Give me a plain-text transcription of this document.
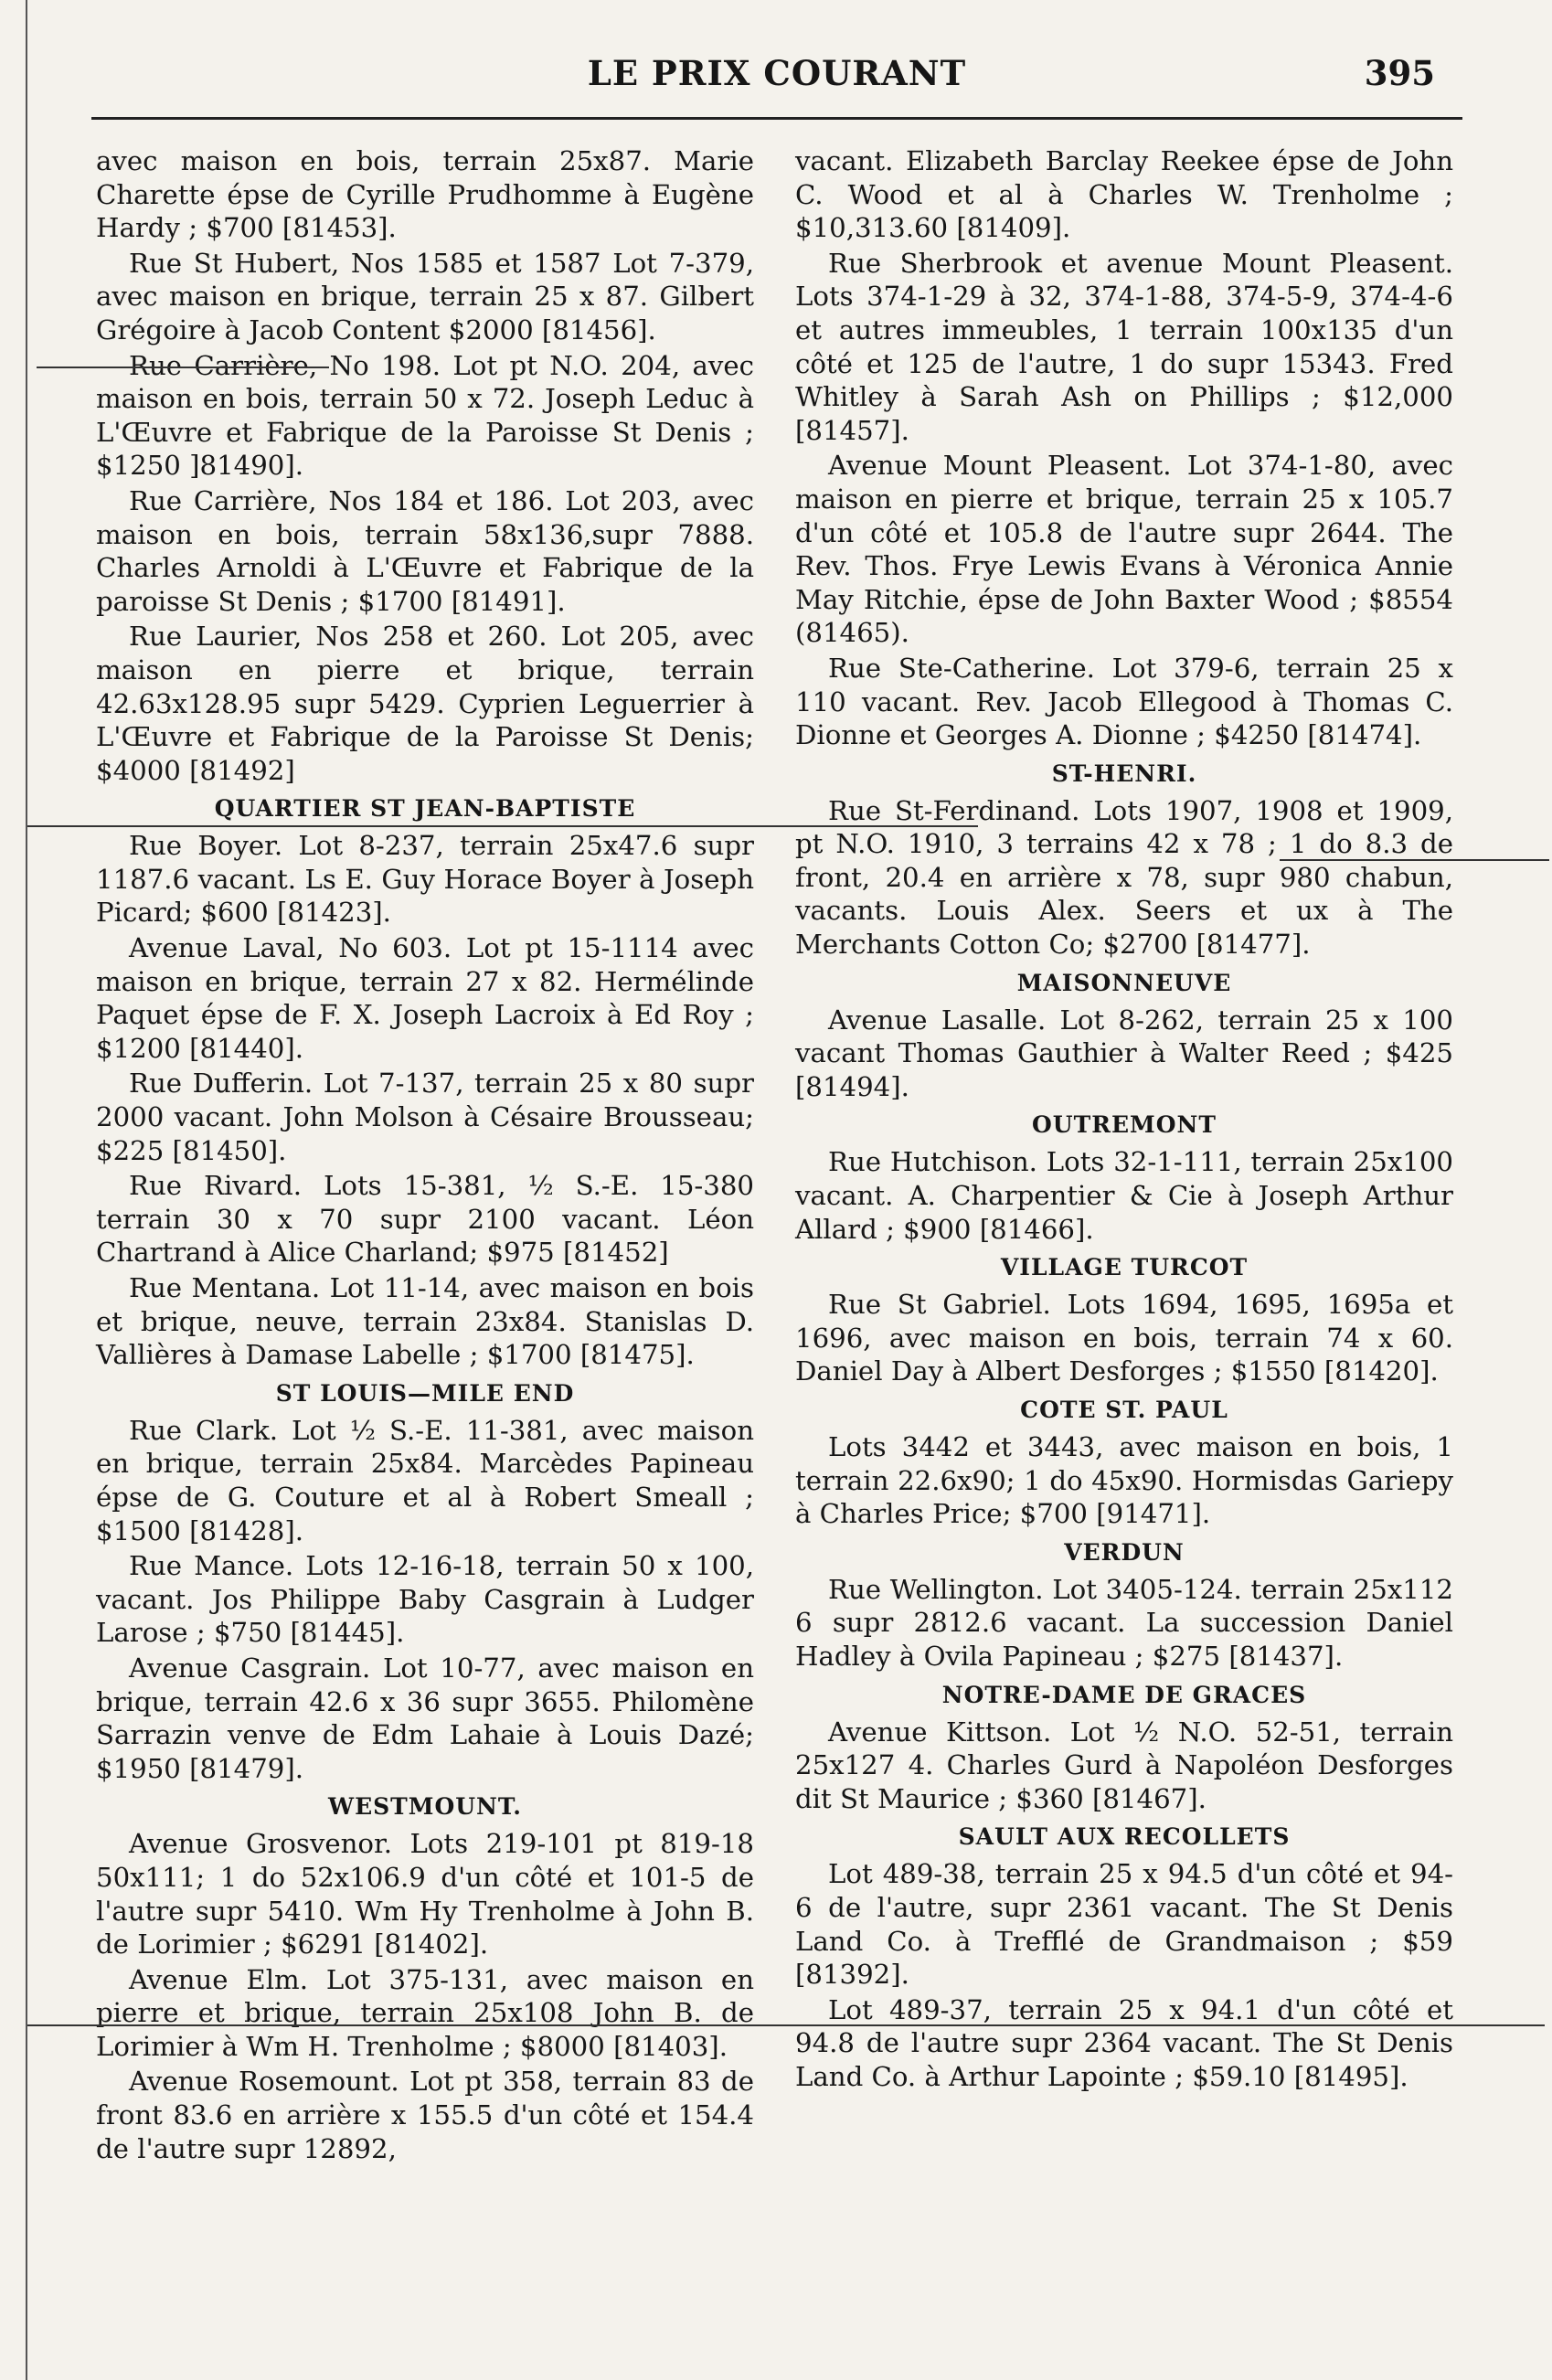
LE PRIX COURANT	395

avec maison en bois, terrain 25x87. Marie Charette épse de Cyrille Prudhomme à Eugène Hardy ; $700 [81453].

Rue St Hubert, Nos 1585 et 1587 Lot 7-379, avec maison en brique, terrain 25 x 87. Gilbert Grégoire à Jacob Content $2000 [81456].

Rue Carrière, No 198. Lot pt N.O. 204, avec maison en bois, terrain 50 x 72. Joseph Leduc à L'Œuvre et Fabrique de la Paroisse St Denis ; $1250 ]81490].

Rue Carrière, Nos 184 et 186. Lot 203, avec maison en bois, terrain 58x136,supr 7888. Charles Arnoldi à L'Œuvre et Fabrique de la paroisse St Denis ; $1700 [81491].

Rue Laurier, Nos 258 et 260. Lot 205, avec maison en pierre et brique, terrain 42.63x128.95 supr 5429. Cyprien Leguerrier à L'Œuvre et Fabrique de la Paroisse St Denis; $4000 [81492]

QUARTIER ST JEAN-BAPTISTE

Rue Boyer. Lot 8-237, terrain 25x47.6 supr 1187.6 vacant. Ls E. Guy Horace Boyer à Joseph Picard; $600 [81423].

Avenue Laval, No 603. Lot pt 15-1114 avec maison en brique, terrain 27 x 82. Hermélinde Paquet épse de F. X. Joseph Lacroix à Ed Roy ; $1200 [81440].

Rue Dufferin. Lot 7-137, terrain 25 x 80 supr 2000 vacant. John Molson à Césaire Brousseau; $225 [81450].

Rue Rivard. Lots 15-381, ½ S.-E. 15-380 terrain 30 x 70 supr 2100 vacant. Léon Chartrand à Alice Charland; $975 [81452]

Rue Mentana. Lot 11-14, avec maison en bois et brique, neuve, terrain 23x84. Stanislas D. Vallières à Damase Labelle ; $1700 [81475].

ST LOUIS—MILE END

Rue Clark. Lot ½ S.-E. 11-381, avec maison en brique, terrain 25x84. Marcèdes Papineau épse de G. Couture et al à Robert Smeall ; $1500 [81428].

Rue Mance. Lots 12-16-18, terrain 50 x 100, vacant. Jos Philippe Baby Casgrain à Ludger Larose ; $750 [81445].

Avenue Casgrain. Lot 10-77, avec maison en brique, terrain 42.6 x 36 supr 3655. Philomène Sarrazin venve de Edm Lahaie à Louis Dazé; $1950 [81479].

WESTMOUNT.

Avenue Grosvenor. Lots 219-101 pt 819-18 50x111; 1 do 52x106.9 d'un côté et 101-5 de l'autre supr 5410. Wm Hy Trenholme à John B. de Lorimier ; $6291 [81402].

Avenue Elm. Lot 375-131, avec maison en pierre et brique, terrain 25x108 John B. de Lorimier à Wm H. Trenholme ; $8000 [81403].

Avenue Rosemount. Lot pt 358, terrain 83 de front 83.6 en arrière x 155.5 d'un côté et 154.4 de l'autre supr 12892,

vacant. Elizabeth Barclay Reekee épse de John C. Wood et al à Charles W. Trenholme ; $10,313.60 [81409].

Rue Sherbrook et avenue Mount Pleasent. Lots 374-1-29 à 32, 374-1-88, 374-5-9, 374-4-6 et autres immeubles, 1 terrain 100x135 d'un côté et 125 de l'autre, 1 do supr 15343. Fred Whitley à Sarah Ash on Phillips ; $12,000 [81457].

Avenue Mount Pleasent. Lot 374-1-80, avec maison en pierre et brique, terrain 25 x 105.7 d'un côté et 105.8 de l'autre supr 2644. The Rev. Thos. Frye Lewis Evans à Véronica Annie May Ritchie, épse de John Baxter Wood ; $8554 (81465).

Rue Ste-Catherine. Lot 379-6, terrain 25 x 110 vacant. Rev. Jacob Ellegood à Thomas C. Dionne et Georges A. Dionne ; $4250 [81474].

ST-HENRI.

Rue St-Ferdinand. Lots 1907, 1908 et 1909, pt N.O. 1910, 3 terrains 42 x 78 ; 1 do 8.3 de front, 20.4 en arrière x 78, supr 980 chabun, vacants. Louis Alex. Seers et ux à The Merchants Cotton Co; $2700 [81477].

MAISONNEUVE

Avenue Lasalle. Lot 8-262, terrain 25 x 100 vacant Thomas Gauthier à Walter Reed ; $425 [81494].

OUTREMONT

Rue Hutchison. Lots 32-1-111, terrain 25x100 vacant. A. Charpentier & Cie à Joseph Arthur Allard ; $900 [81466].

VILLAGE TURCOT

Rue St Gabriel. Lots 1694, 1695, 1695a et 1696, avec maison en bois, terrain 74 x 60. Daniel Day à Albert Desforges ; $1550 [81420].

COTE ST. PAUL

Lots 3442 et 3443, avec maison en bois, 1 terrain 22.6x90; 1 do 45x90. Hormisdas Gariepy à Charles Price; $700 [91471].

VERDUN

Rue Wellington. Lot 3405-124. terrain 25x112 6 supr 2812.6 vacant. La succession Daniel Hadley à Ovila Papineau ; $275 [81437].

NOTRE-DAME DE GRACES

Avenue Kittson. Lot ½ N.O. 52-51, terrain 25x127 4. Charles Gurd à Napoléon Desforges dit St Maurice ; $360 [81467].

SAULT AUX RECOLLETS

Lot 489-38, terrain 25 x 94.5 d'un côté et 94-6 de l'autre, supr 2361 vacant. The St Denis Land Co. à Trefflé de Grandmaison ; $59 [81392].

Lot 489-37, terrain 25 x 94.1 d'un côté et 94.8 de l'autre supr 2364 vacant. The St Denis Land Co. à Arthur Lapointe ; $59.10 [81495].
